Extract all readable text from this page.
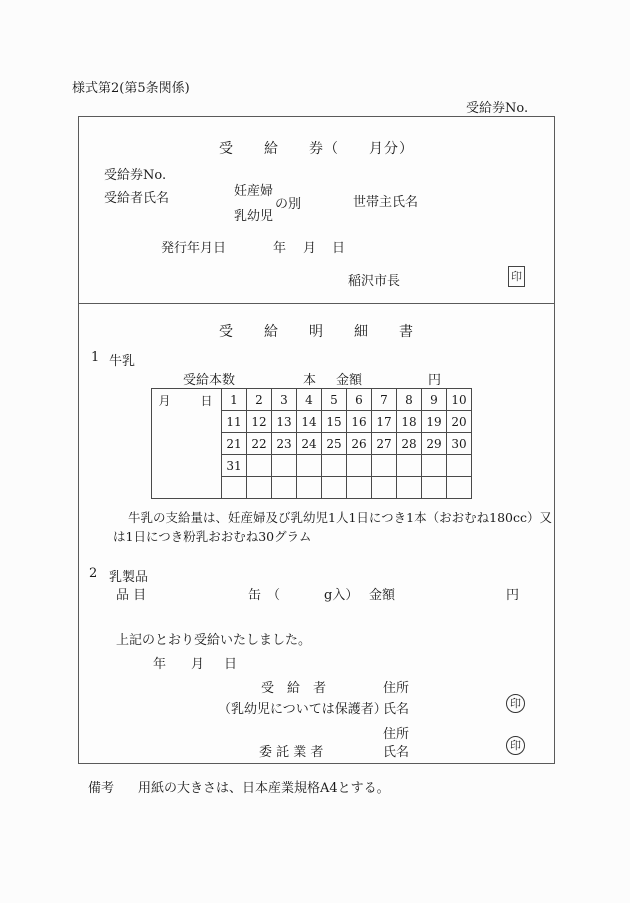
様式第2(第5条関係)
受給券No.
受　　給　　券（　　月分）
受給券No.
受給者氏名	妊産婦
乳幼児
の別	世帯主氏名
発行年月日	年 月 日
稲沢市長	印
受　　給　　明　　細　　書
1 牛乳
受給本数	本 金額	円
月　　日	1	2	3	4	5	6	7	8	9	10
	11	12	13	14	15	16	17	18	19	20
	21	22	23	24	25	26	27	28	29	30
	31									

牛乳の支給量は、妊産婦及び乳幼児1人1日につき1本（おおむね180cc）又
は1日につき粉乳おおむね30グラム
2 乳製品
品 目	缶 （	g入） 金額	円
上記のとおり受給いたしました。
年 月 日
受　給　者	住所
（乳幼児については保護者）
氏名	印
住所
委 託 業 者	氏名	印
備考 用紙の大きさは、日本産業規格A4とする。
